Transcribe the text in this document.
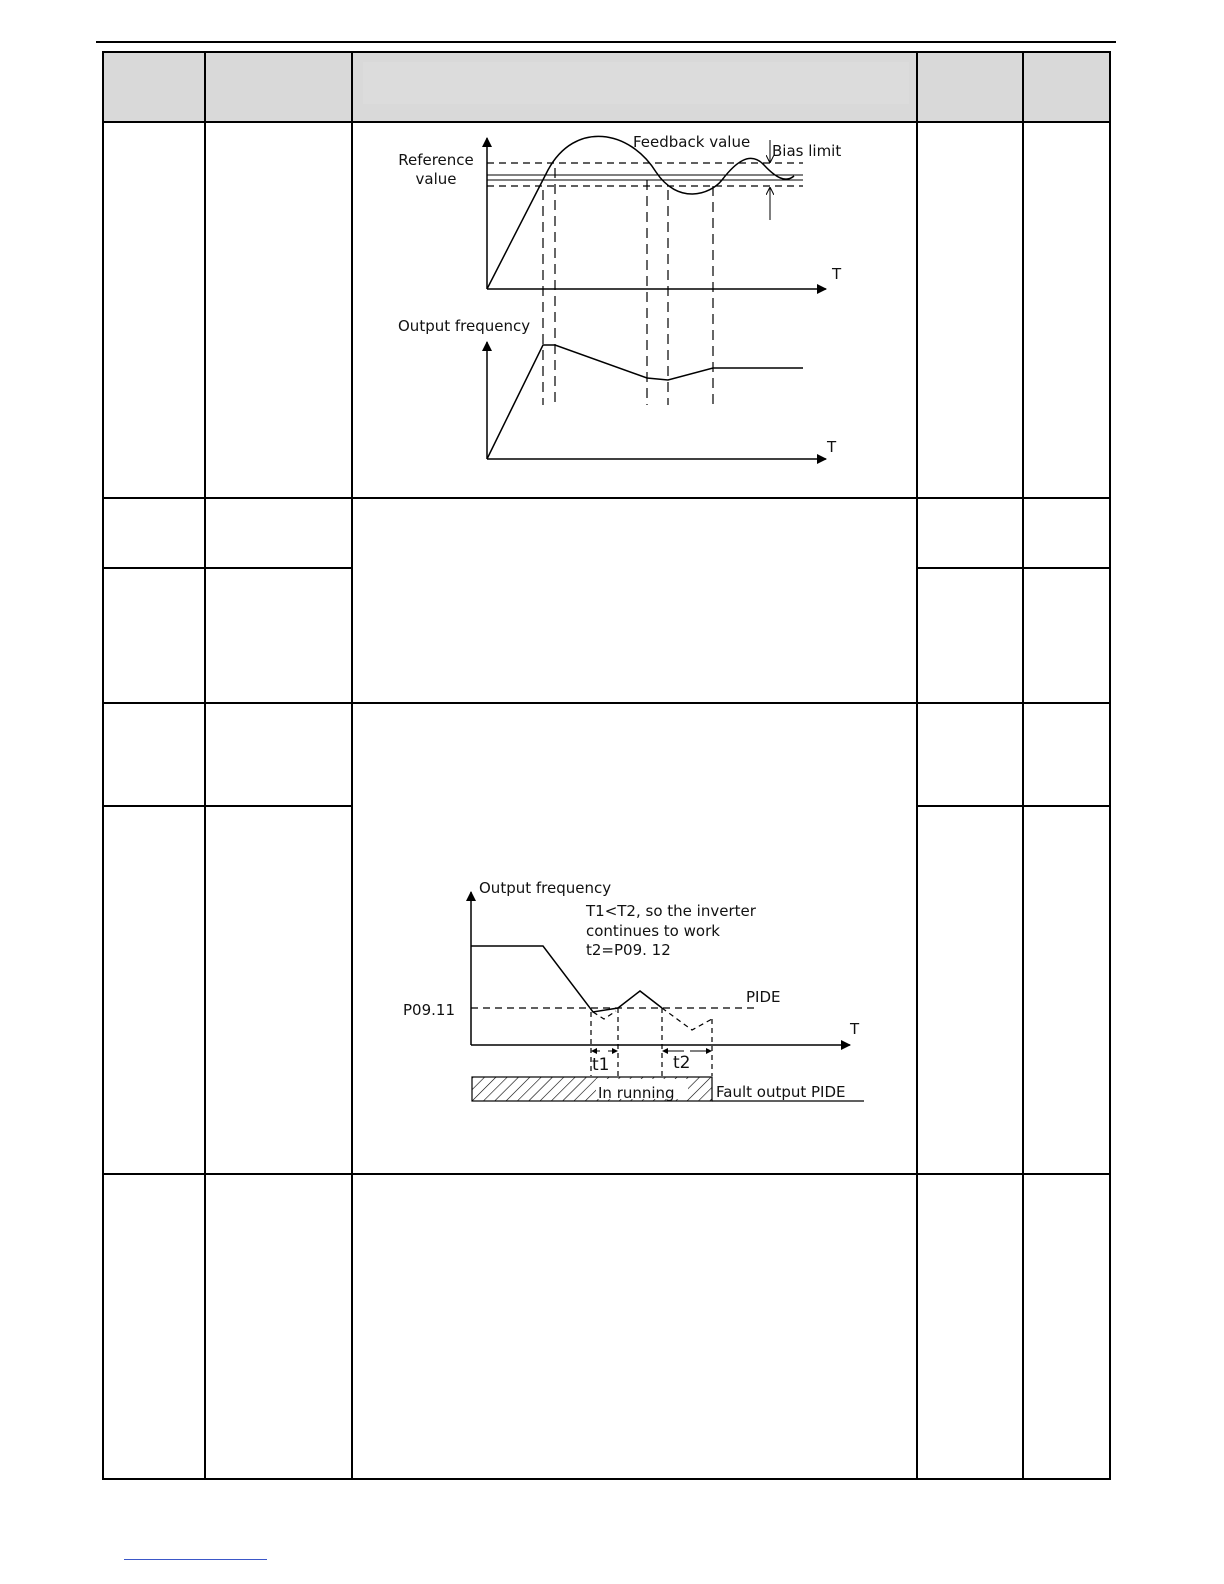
Reference
value
Feedback value Bias limit
T
Output frequency
T
Output frequency
T1<T2, so the inverter
continues to work
t2=P09. 12
P09.11
PIDE
T
t1	t2
In running	Fault output PIDE
